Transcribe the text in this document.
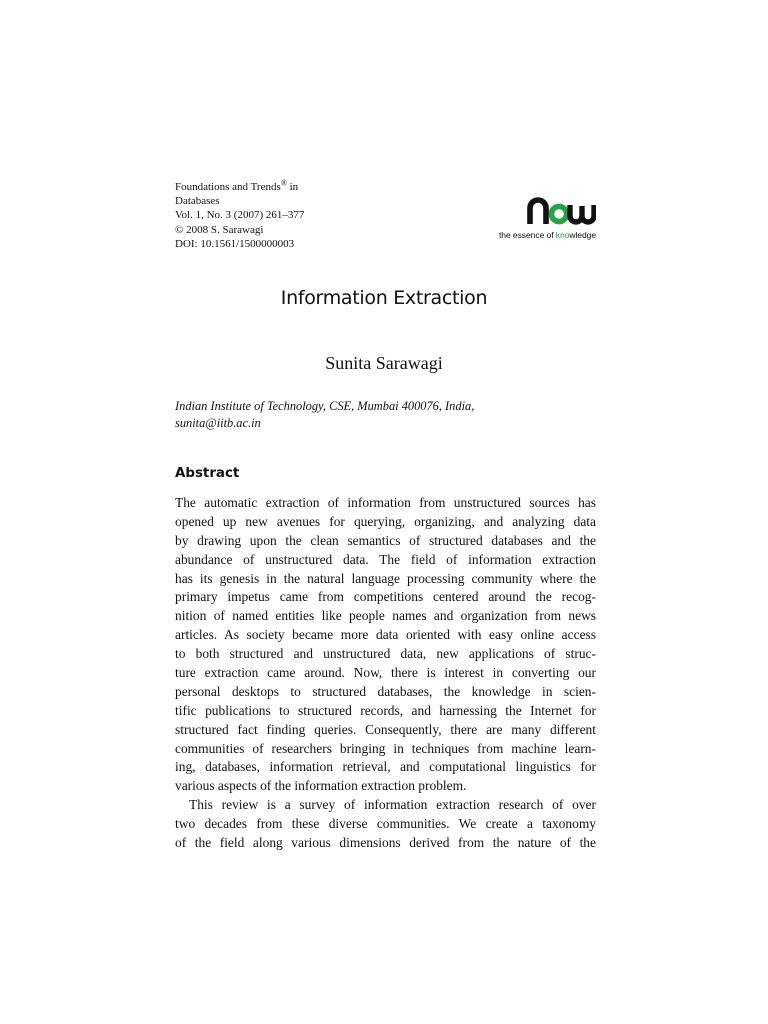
Foundations and Trends® in
Databases
Vol. 1, No. 3 (2007) 261–377
© 2008 S. Sarawagi
DOI: 10.1561/1500000003
the essence of knowledge
Information Extraction
Sunita Sarawagi
Indian Institute of Technology, CSE, Mumbai 400076, India,
sunita@iitb.ac.in
Abstract
The automatic extraction of information from unstructured sources has
opened up new avenues for querying, organizing, and analyzing data
by drawing upon the clean semantics of structured databases and the
abundance of unstructured data. The field of information extraction
has its genesis in the natural language processing community where the
primary impetus came from competitions centered around the recog-
nition of named entities like people names and organization from news
articles. As society became more data oriented with easy online access
to both structured and unstructured data, new applications of struc-
ture extraction came around. Now, there is interest in converting our
personal desktops to structured databases, the knowledge in scien-
tific publications to structured records, and harnessing the Internet for
structured fact finding queries. Consequently, there are many different
communities of researchers bringing in techniques from machine learn-
ing, databases, information retrieval, and computational linguistics for
various aspects of the information extraction problem.
This review is a survey of information extraction research of over
two decades from these diverse communities. We create a taxonomy
of the field along various dimensions derived from the nature of the
